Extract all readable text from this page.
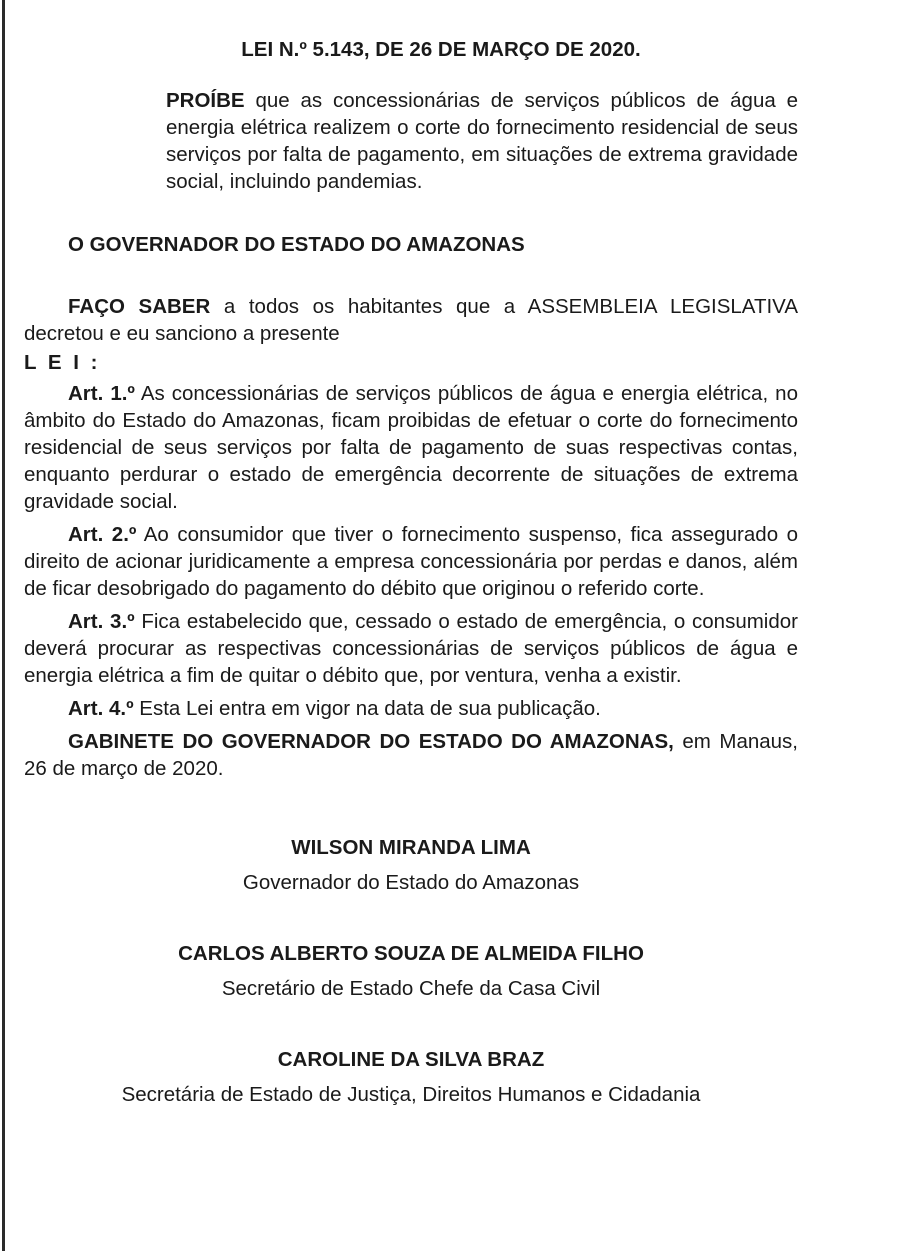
LEI N.º 5.143, DE 26 DE MARÇO DE 2020.
PROÍBE que as concessionárias de serviços públicos de água e energia elétrica realizem o corte do fornecimento residencial de seus serviços por falta de pagamento, em situações de extrema gravidade social, incluindo pandemias.
O GOVERNADOR DO ESTADO DO AMAZONAS

FAÇO SABER a todos os habitantes que a ASSEMBLEIA LEGISLATIVA decretou e eu sanciono a presente

L E I :

Art. 1.º As concessionárias de serviços públicos de água e energia elétrica, no âmbito do Estado do Amazonas, ficam proibidas de efetuar o corte do fornecimento residencial de seus serviços por falta de pagamento de suas respectivas contas, enquanto perdurar o estado de emergência decorrente de situações de extrema gravidade social.

Art. 2.º Ao consumidor que tiver o fornecimento suspenso, fica assegurado o direito de acionar juridicamente a empresa concessionária por perdas e danos, além de ficar desobrigado do pagamento do débito que originou o referido corte.

Art. 3.º Fica estabelecido que, cessado o estado de emergência, o consumidor deverá procurar as respectivas concessionárias de serviços públicos de água e energia elétrica a fim de quitar o débito que, por ventura, venha a existir.

Art. 4.º Esta Lei entra em vigor na data de sua publicação.

GABINETE DO GOVERNADOR DO ESTADO DO AMAZONAS, em Manaus, 26 de março de 2020.

WILSON MIRANDA LIMA
Governador do Estado do Amazonas
CARLOS ALBERTO SOUZA DE ALMEIDA FILHO
Secretário de Estado Chefe da Casa Civil
CAROLINE DA SILVA BRAZ
Secretária de Estado de Justiça, Direitos Humanos e Cidadania
